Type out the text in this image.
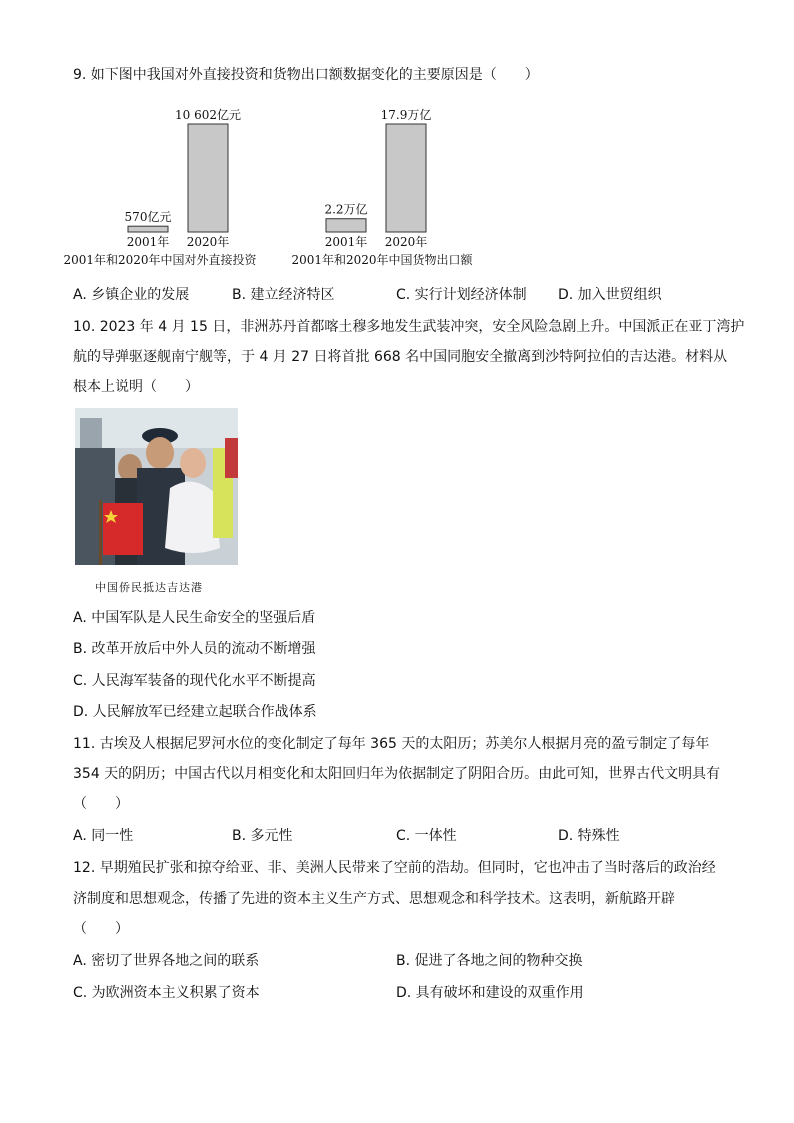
9. 如下图中我国对外直接投资和货物出口额数据变化的主要原因是（　　）
570亿元
2001年
10 602亿元
2020年
2001年和2020年中国对外直接投资
2.2万亿
2001年
17.9万亿
2020年
2001年和2020年中国货物出口额
A. 乡镇企业的发展	B. 建立经济特区	C. 实行计划经济体制 D. 加入世贸组织
10. 2023 年 4 月 15 日，非洲苏丹首都喀土穆多地发生武装冲突，安全风险急剧上升。中国派正在亚丁湾护
航的导弹驱逐舰南宁舰等，于 4 月 27 日将首批 668 名中国同胞安全撤离到沙特阿拉伯的吉达港。材料从
根本上说明（　　）
中国侨民抵达吉达港
A. 中国军队是人民生命安全的坚强后盾
B. 改革开放后中外人员的流动不断增强
C. 人民海军装备的现代化水平不断提高
D. 人民解放军已经建立起联合作战体系
11. 古埃及人根据尼罗河水位的变化制定了每年 365 天的太阳历；苏美尔人根据月亮的盈亏制定了每年
354 天的阴历；中国古代以月相变化和太阳回归年为依据制定了阴阳合历。由此可知，世界古代文明具有
（　　）
A. 同一性	B. 多元性	C. 一体性	D. 特殊性
12. 早期殖民扩张和掠夺给亚、非、美洲人民带来了空前的浩劫。但同时，它也冲击了当时落后的政治经
济制度和思想观念，传播了先进的资本主义生产方式、思想观念和科学技术。这表明，新航路开辟
（　　）
A. 密切了世界各地之间的联系	B. 促进了各地之间的物种交换
C. 为欧洲资本主义积累了资本	D. 具有破坏和建设的双重作用
